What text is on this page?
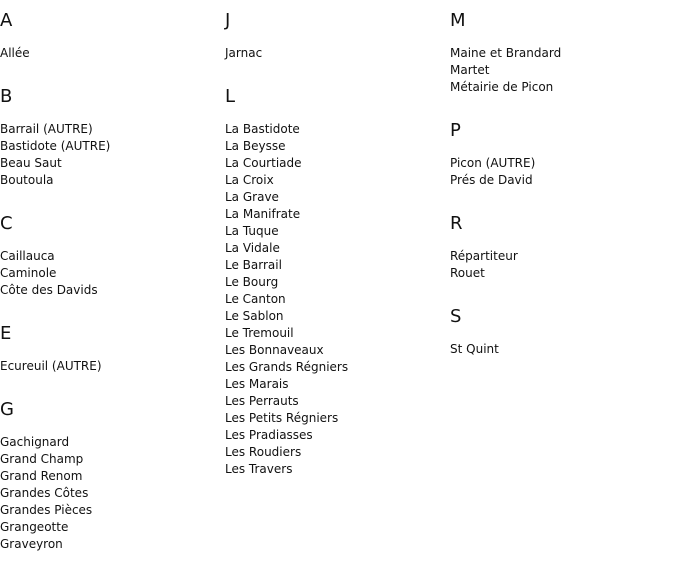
A
Allée
B
Barrail (AUTRE)
Bastidote (AUTRE)
Beau Saut
Boutoula
C
Caillauca
Caminole
Côte des Davids
E
Ecureuil (AUTRE)
G
Gachignard
Grand Champ
Grand Renom
Grandes Côtes
Grandes Pièces
Grangeotte
Graveyron
J
Jarnac
L
La Bastidote
La Beysse
La Courtiade
La Croix
La Grave
La Manifrate
La Tuque
La Vidale
Le Barrail
Le Bourg
Le Canton
Le Sablon
Le Tremouil
Les Bonnaveaux
Les Grands Régniers
Les Marais
Les Perrauts
Les Petits Régniers
Les Pradiasses
Les Roudiers
Les Travers
M
Maine et Brandard
Martet
Métairie de Picon
P
Picon (AUTRE)
Prés de David
R
Répartiteur
Rouet
S
St Quint
